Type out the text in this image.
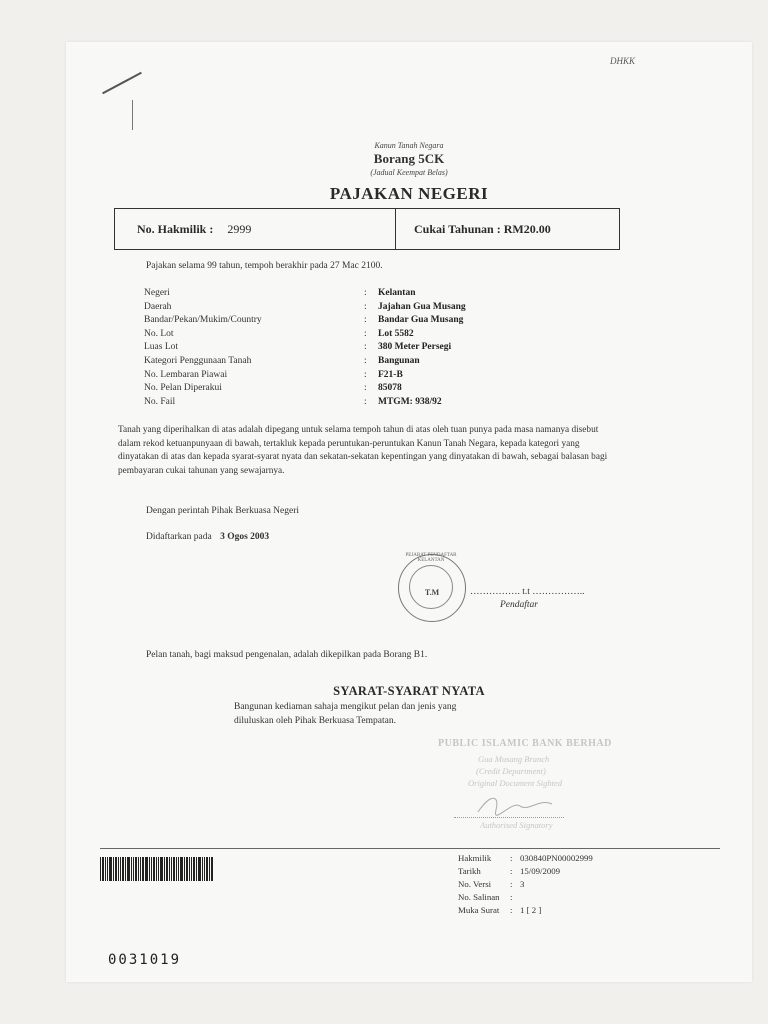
DHKK
Kanun Tanah Negara
Borang 5CK
(Jadual Keempat Belas)
PAJAKAN NEGERI
No. Hakmilik : 2999	Cukai Tahunan : RM20.00
Pajakan selama 99 tahun, tempoh berakhir pada 27 Mac 2100.
Negeri	:	Kelantan
Daerah	:	Jajahan Gua Musang
Bandar/Pekan/Mukim/Country	:	Bandar Gua Musang
No. Lot	:	Lot 5582
Luas Lot	:	380 Meter Persegi
Kategori Penggunaan Tanah	:	Bangunan
No. Lembaran Piawai	:	F21-B
No. Pelan Diperakui	:	85078
No. Fail	:	MTGM: 938/92
Tanah yang diperihalkan di atas adalah dipegang untuk selama tempoh tahun di atas oleh tuan punya pada masa namanya disebut dalam rekod ketuanpunyaan di bawah, tertakluk kepada peruntukan-peruntukan Kanun Tanah Negara, kepada kategori yang dinyatakan di atas dan kepada syarat-syarat nyata dan sekatan-sekatan kepentingan yang dinyatakan di bawah, sebagai balasan bagi pembayaran cukai tahunan yang sewajarnya.
Dengan perintah Pihak Berkuasa Negeri
Didaftarkan pada 3 Ogos 2003
PEJABAT PENDAFTAR KELANTAN
T.M	……………. t.t ……………..
Pendaftar
Pelan tanah, bagi maksud pengenalan, adalah dikepilkan pada Borang B1.
SYARAT-SYARAT NYATA
Bangunan kediaman sahaja mengikut pelan dan jenis yang
diluluskan oleh Pihak Berkuasa Tempatan.
PUBLIC ISLAMIC BANK BERHAD
Gua Musang Branch
(Credit Department)
Original Document Sighted
Authorised Signatory
Hakmilik	: 030840PN00002999
Tarikh	: 15/09/2009
No. Versi	: 3
No. Salinan	:
Muka Surat	: 1 [ 2 ]
0031019
